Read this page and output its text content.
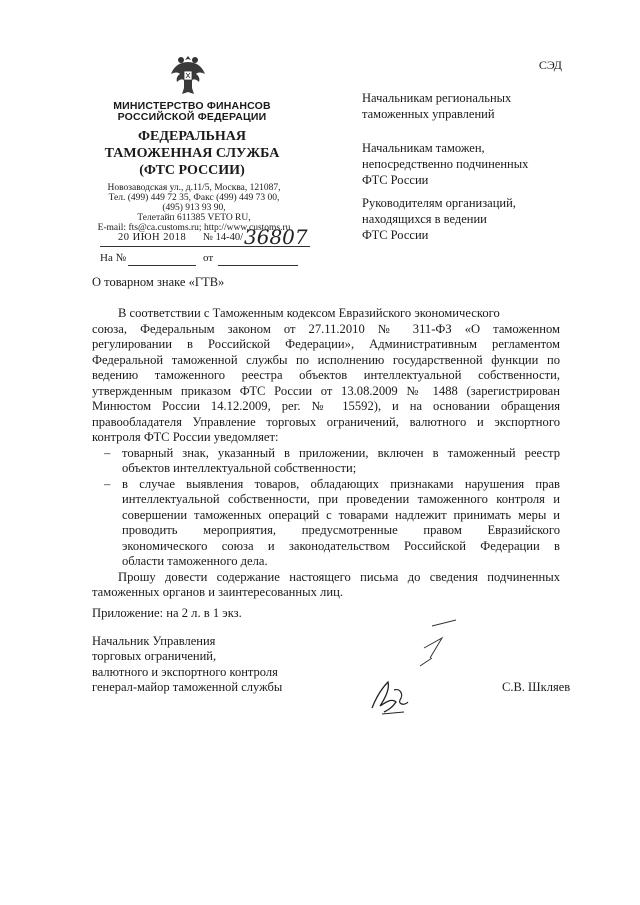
МИНИСТЕРСТВО ФИНАНСОВ
РОССИЙСКОЙ ФЕДЕРАЦИИ
ФЕДЕРАЛЬНАЯ
ТАМОЖЕННАЯ СЛУЖБА
(ФТС РОССИИ)
Новозаводская ул., д.11/5, Москва, 121087,
Тел. (499) 449 72 35, Факс (499) 449 73 00,
(495) 913 93 90,
Телетайп 611385 VETO RU,
E-mail: fts@ca.customs.ru; http://www.customs.ru
20 ИЮН 2018 № 14-40/ 36807
На №	от
СЭД
Начальникам региональных
таможенных управлений
Начальникам таможен,
непосредственно подчиненных
ФТС России
Руководителям организаций,
находящихся в ведении
ФТС России
О товарном знаке «ГТВ»
В соответствии с Таможенным кодексом Евразийского экономического
союза, Федеральным законом от 27.11.2010 № 311-ФЗ «О таможенном
регулировании в Российской Федерации», Административным регламентом
Федеральной таможенной службы по исполнению государственной функции по
ведению таможенного реестра объектов интеллектуальной собственности,
утвержденным приказом ФТС России от 13.08.2009 № 1488 (зарегистрирован
Минюстом России 14.12.2009, рег. № 15592), и на основании обращения
правообладателя Управление торговых ограничений, валютного и экспортного
контроля ФТС России уведомляет:
– товарный знак, указанный в приложении, включен в таможенный реестр
объектов интеллектуальной собственности;
– в случае выявления товаров, обладающих признаками нарушения прав
интеллектуальной собственности, при проведении таможенного контроля и
совершении таможенных операций с товарами надлежит принимать меры и
проводить мероприятия, предусмотренные правом Евразийского
экономического союза и законодательством Российской Федерации в
области таможенного дела.
Прошу довести содержание настоящего письма до сведения подчиненных
таможенных органов и заинтересованных лиц.
Приложение: на 2 л. в 1 экз.
Начальник Управления
торговых ограничений,
валютного и экспортного контроля
генерал-майор таможенной службы	С.В. Шкляев
